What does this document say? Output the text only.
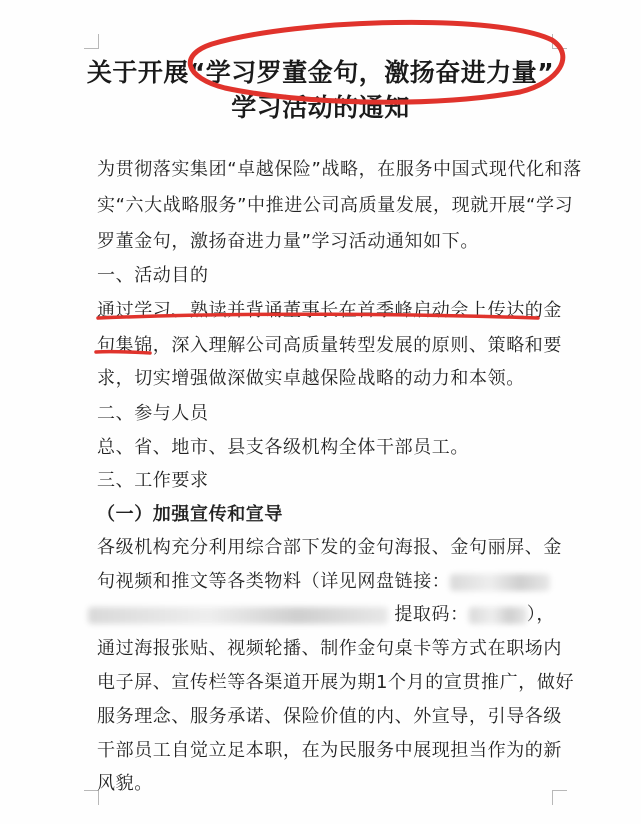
关于开展“学习罗董金句，激扬奋进力量”
学习活动的通知
为贯彻落实集团“卓越保险”战略，在服务中国式现代化和落
实“六大战略服务”中推进公司高质量发展，现就开展“学习
罗董金句，激扬奋进力量”学习活动通知如下。
一、活动目的
通过学习、熟读并背诵董事长在首季峰启动会上传达的金
句集锦，深入理解公司高质量转型发展的原则、策略和要
求，切实增强做深做实卓越保险战略的动力和本领。
二、参与人员
总、省、地市、县支各级机构全体干部员工。
三、工作要求
（一）加强宣传和宣导
各级机构充分利用综合部下发的金句海报、金句丽屏、金
句视频和推文等各类物料（详见网盘链接：
提取码：	），
通过海报张贴、视频轮播、制作金句桌卡等方式在职场内
电子屏、宣传栏等各渠道开展为期1个月的宣贯推广，做好
服务理念、服务承诺、保险价值的内、外宣导，引导各级
干部员工自觉立足本职，在为民服务中展现担当作为的新
风貌。
